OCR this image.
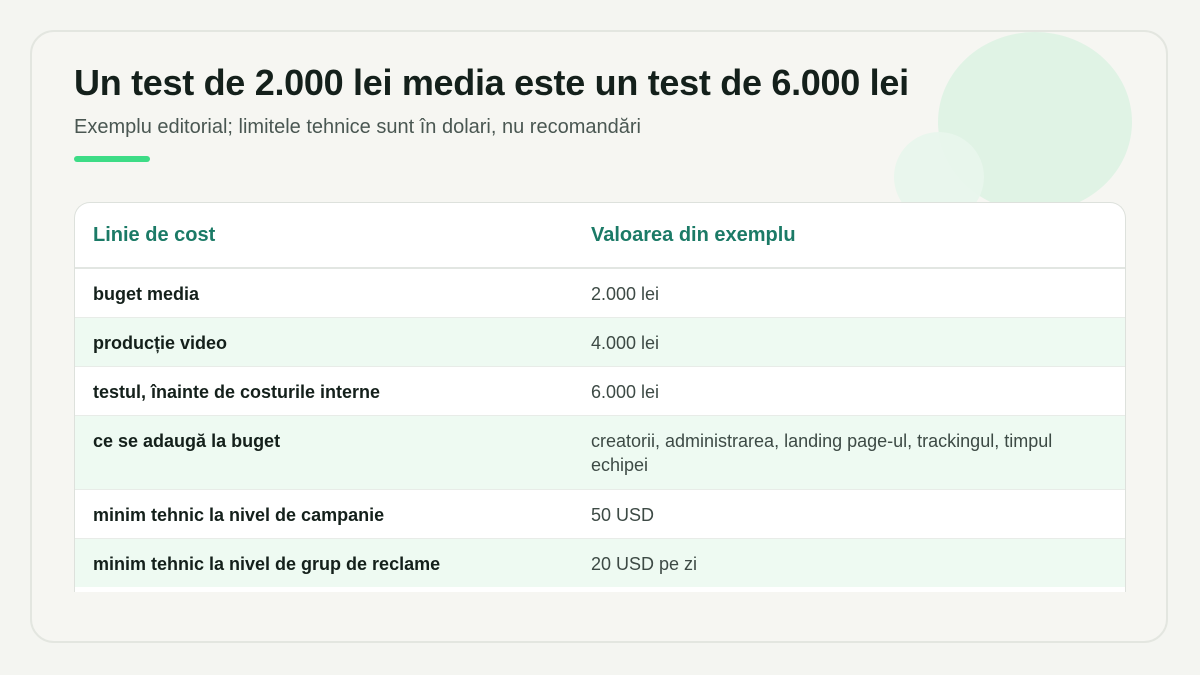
Un test de 2.000 lei media este un test de 6.000 lei

Exemplu editorial; limitele tehnice sunt în dolari, nu recomandări

Linie de cost	Valoarea din exemplu
buget media	2.000 lei
producție video	4.000 lei
testul, înainte de costurile interne	6.000 lei
ce se adaugă la buget	creatorii, administrarea, landing page-ul, trackingul, timpul echipei
minim tehnic la nivel de campanie	50 USD
minim tehnic la nivel de grup de reclame	20 USD pe zi
